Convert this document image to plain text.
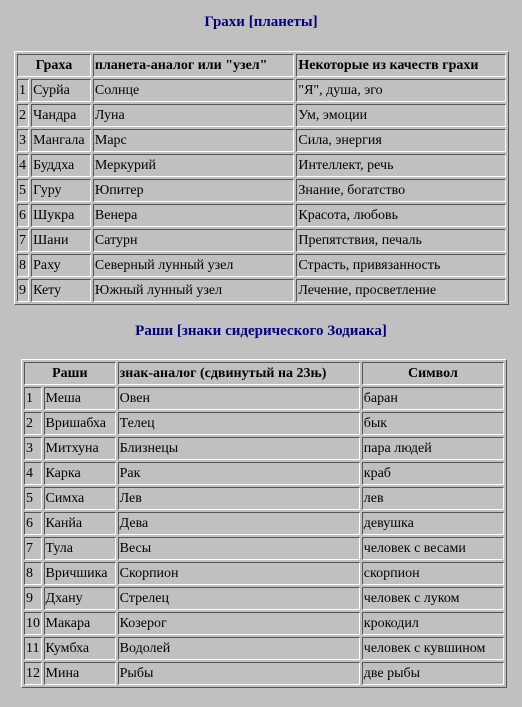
Грахи [планеты]
Граха		планета-аналог или "узел"	Некоторые из качеств грахи
1	Сурйа	Солнце	"Я", душа, эго
2	Чандра	Луна	Ум, эмоции
3	Мангала	Марс	Сила, энергия
4	Буддха	Меркурий	Интеллект, речь
5	Гуру	Юпитер	Знание, богатство
6	Шукра	Венера	Красота, любовь
7	Шани	Сатурн	Препятствия, печаль
8	Раху	Северный лунный узел	Страсть, привязанность
9	Кету	Южный лунный узел	Лечение, просветление
Раши [знаки сидерического Зодиака]
Раши		знак-аналог (сдвинутый на 23њ)	Символ
1	Меша	Овен	баран
2	Вришабха	Телец	бык
3	Митхуна	Близнецы	пара людей
4	Карка	Рак	краб
5	Симха	Лев	лев
6	Канйа	Дева	девушка
7	Тула	Весы	человек с весами
8	Вричшика	Скорпион	скорпион
9	Дхану	Стрелец	человек с луком
10	Макара	Козерог	крокодил
11	Кумбха	Водолей	человек с кувшином
12	Мина	Рыбы	две рыбы
